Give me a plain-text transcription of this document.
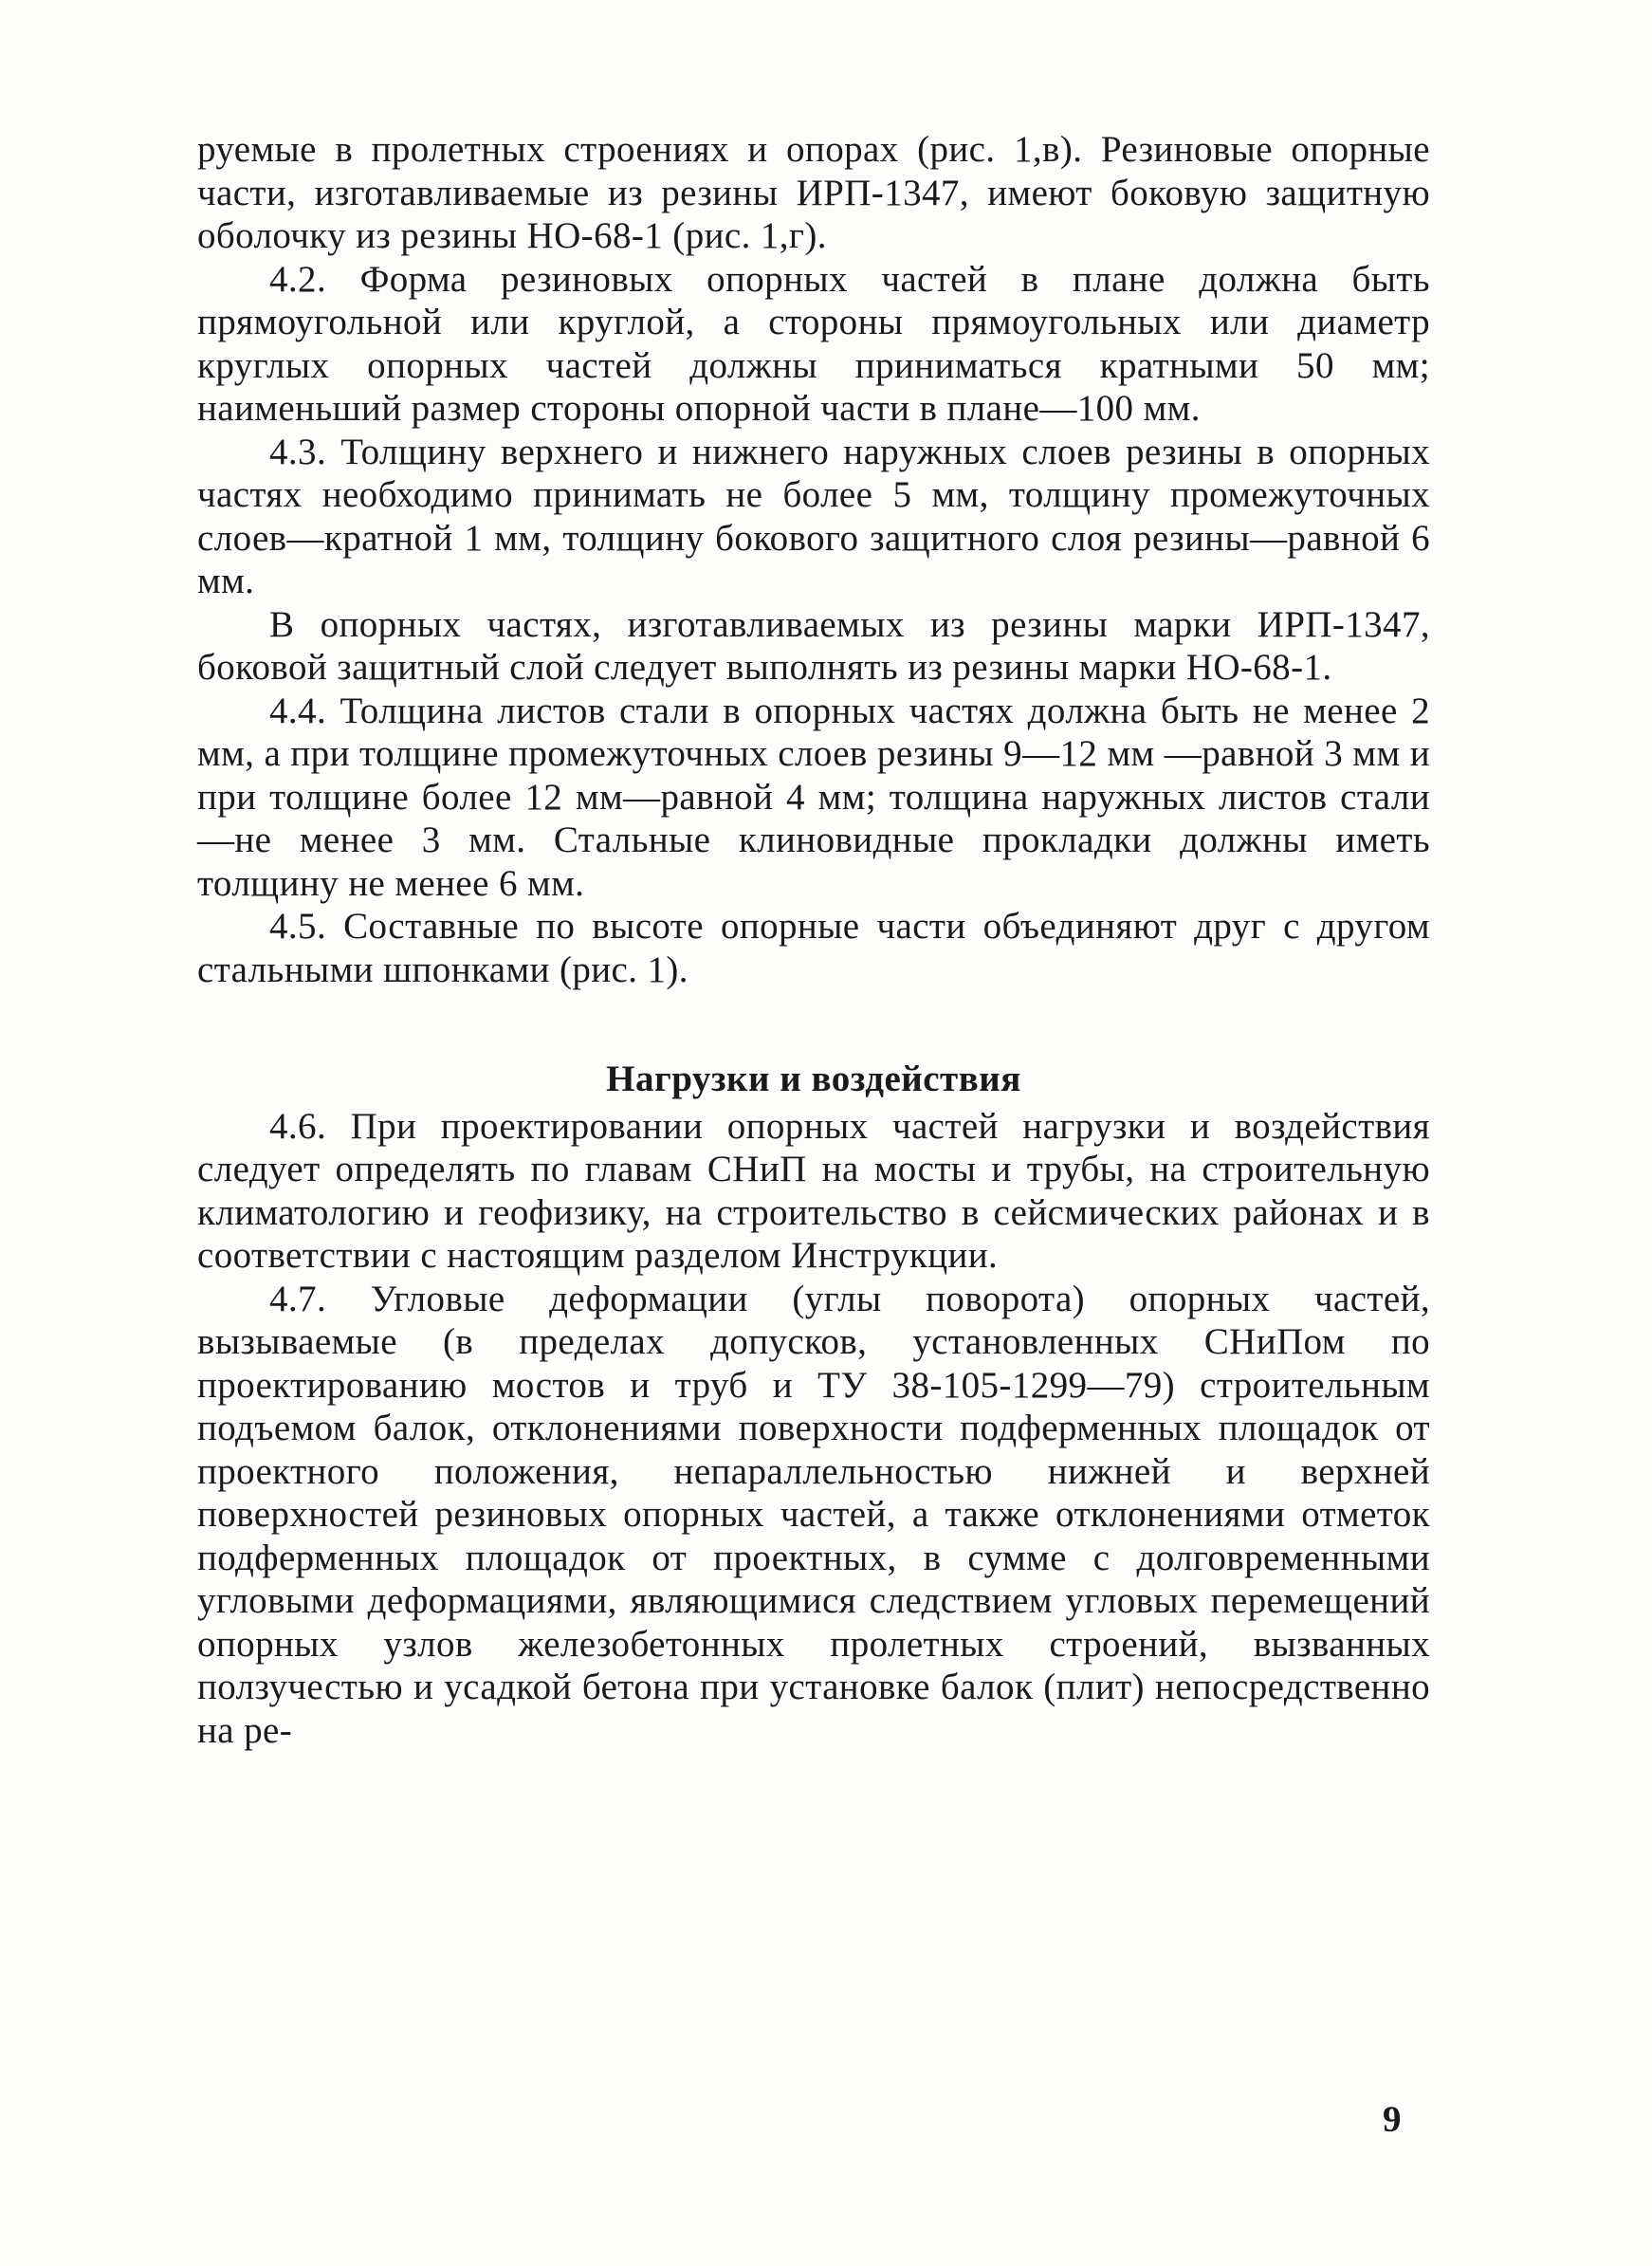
руемые в пролетных строениях и опорах (рис. 1,в). Резиновые опорные части, изготавливаемые из резины ИРП-1347, имеют боковую защитную оболочку из резины НО-68-1 (рис. 1,г).

4.2. Форма резиновых опорных частей в плане должна быть прямоугольной или круглой, а стороны прямоугольных или диаметр круглых опорных частей должны приниматься кратными 50 мм; наименьший размер стороны опорной части в плане—100 мм.

4.3. Толщину верхнего и нижнего наружных слоев резины в опорных частях необходимо принимать не более 5 мм, толщину промежуточных слоев—кратной 1 мм, толщину бокового защитного слоя резины—равной 6 мм.

В опорных частях, изготавливаемых из резины марки ИРП-1347, боковой защитный слой следует выполнять из резины марки НО-68-1.

4.4. Толщина листов стали в опорных частях должна быть не менее 2 мм, а при толщине промежуточных слоев резины 9—12 мм —равной 3 мм и при толщине более 12 мм—равной 4 мм; толщина наружных листов стали—не менее 3 мм. Стальные клиновидные прокладки должны иметь толщину не менее 6 мм.

4.5. Составные по высоте опорные части объединяют друг с другом стальными шпонками (рис. 1).

Нагрузки и воздействия

4.6. При проектировании опорных частей нагрузки и воздействия следует определять по главам СНиП на мосты и трубы, на строительную климатологию и геофизику, на строительство в сейсмических районах и в соответствии с настоящим разделом Инструкции.

4.7. Угловые деформации (углы поворота) опорных частей, вызываемые (в пределах допусков, установленных СНиПом по проектированию мостов и труб и ТУ 38-105-1299—79) строительным подъемом балок, отклонениями поверхности подферменных площадок от проектного положения, непараллельностью нижней и верхней поверхностей резиновых опорных частей, а также отклонениями отметок подферменных площадок от проектных, в сумме с долговременными угловыми деформациями, являющимися следствием угловых перемещений опорных узлов железобетонных пролетных строений, вызванных ползучестью и усадкой бетона при установке балок (плит) непосредственно на ре-

9
